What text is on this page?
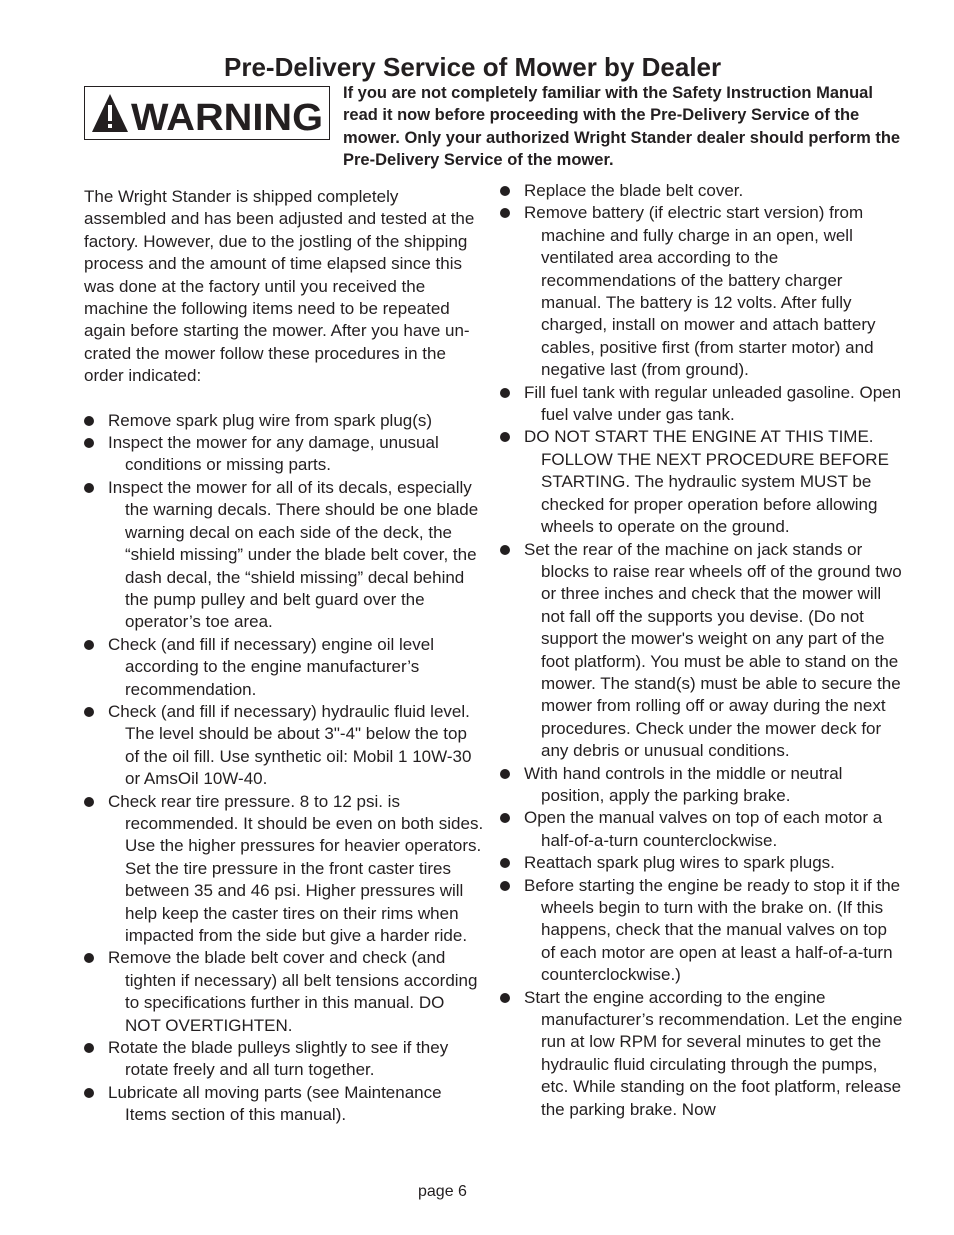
Pre-Delivery Service of Mower by Dealer
WARNING

If you are not completely familiar with the Safety Instruction Manual read it now before proceeding with the Pre-Delivery Service of the mower. Only your authorized Wright Stander dealer should perform the Pre-Delivery Service of the mower.

The Wright Stander is shipped completely assembled and has been adjusted and tested at the factory. However, due to the jostling of the shipping process and the amount of time elapsed since this was done at the factory until you received the machine the following items need to be repeated again before starting the mower. After you have un-crated the mower follow these procedures in the order indicated:

Remove spark plug wire from spark plug(s)
Inspect the mower for any damage, unusual conditions or missing parts.
Inspect the mower for all of its decals, especially the warning decals. There should be one blade warning decal on each side of the deck, the “shield missing” under the blade belt cover, the dash decal, the “shield missing” decal behind the pump pulley and belt guard over the operator’s toe area.
Check (and fill if necessary) engine oil level according to the engine manufacturer’s recommendation.
Check (and fill if necessary) hydraulic fluid level. The level should be about 3"-4" below the top of the oil fill. Use synthetic oil: Mobil 1 10W-30 or AmsOil 10W-40.
Check rear tire pressure. 8 to 12 psi. is recommended. It should be even on both sides. Use the higher pressures for heavier operators. Set the tire pressure in the front caster tires between 35 and 46 psi. Higher pressures will help keep the caster tires on their rims when impacted from the side but give a harder ride.
Remove the blade belt cover and check (and tighten if necessary) all belt tensions according to specifications further in this manual. DO NOT OVERTIGHTEN.
Rotate the blade pulleys slightly to see if they rotate freely and all turn together.
Lubricate all moving parts (see Maintenance Items section of this manual).
Replace the blade belt cover.
Remove battery (if electric start version) from machine and fully charge in an open, well ventilated area according to the recommendations of the battery charger manual. The battery is 12 volts. After fully charged, install on mower and attach battery cables, positive first (from starter motor) and negative last (from ground).
Fill fuel tank with regular unleaded gasoline. Open fuel valve under gas tank.
DO NOT START THE ENGINE AT THIS TIME. FOLLOW THE NEXT PROCEDURE BEFORE STARTING. The hydraulic system MUST be checked for proper operation before allowing wheels to operate on the ground.
Set the rear of the machine on jack stands or blocks to raise rear wheels off of the ground two or three inches and check that the mower will not fall off the supports you devise. (Do not support the mower's weight on any part of the foot platform). You must be able to stand on the mower. The stand(s) must be able to secure the mower from rolling off or away during the next procedures. Check under the mower deck for any debris or unusual conditions.
With hand controls in the middle or neutral position, apply the parking brake.
Open the manual valves on top of each motor a half-of-a-turn counterclockwise.
Reattach spark plug wires to spark plugs.
Before starting the engine be ready to stop it if the wheels begin to turn with the brake on. (If this happens, check that the manual valves on top of each motor are open at least a half-of-a-turn counterclockwise.)
Start the engine according to the engine manufacturer’s recommendation. Let the engine run at low RPM for several minutes to get the hydraulic fluid circulating through the pumps, etc. While standing on the foot platform, release the parking brake. Now
page 6
